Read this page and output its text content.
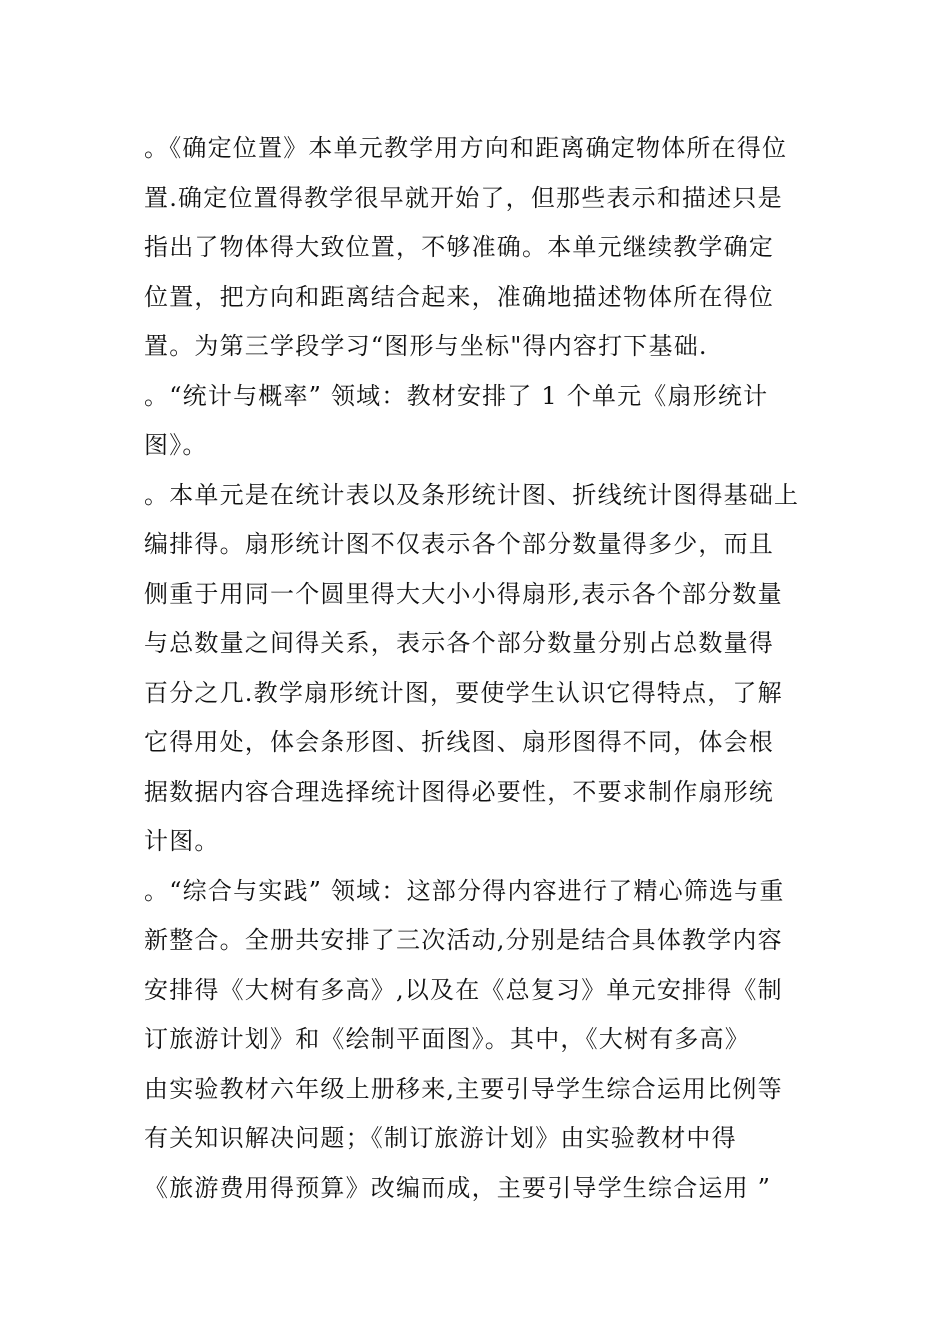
。《确定位置》本单元教学用方向和距离确定物体所在得位
置.确定位置得教学很早就开始了，但那些表示和描述只是
指出了物体得大致位置，不够准确。本单元继续教学确定
位置，把方向和距离结合起来，准确地描述物体所在得位
置。为第三学段学习“图形与坐标"得内容打下基础.
。“统计与概率” 领域：教材安排了 1 个单元《扇形统计
图》。
。本单元是在统计表以及条形统计图、折线统计图得基础上
编排得。扇形统计图不仅表示各个部分数量得多少，而且
侧重于用同一个圆里得大大小小得扇形,表示各个部分数量
与总数量之间得关系，表示各个部分数量分别占总数量得
百分之几.教学扇形统计图，要使学生认识它得特点，了解
它得用处，体会条形图、折线图、扇形图得不同，体会根
据数据内容合理选择统计图得必要性，不要求制作扇形统
计图。
。“综合与实践” 领域：这部分得内容进行了精心筛选与重
新整合。全册共安排了三次活动,分别是结合具体教学内容
安排得《大树有多高》,以及在《总复习》单元安排得《制
订旅游计划》和《绘制平面图》。其中，《大树有多高》
由实验教材六年级上册移来,主要引导学生综合运用比例等
有关知识解决问题；《制订旅游计划》由实验教材中得
《旅游费用得预算》改编而成，主要引导学生综合运用 ”
